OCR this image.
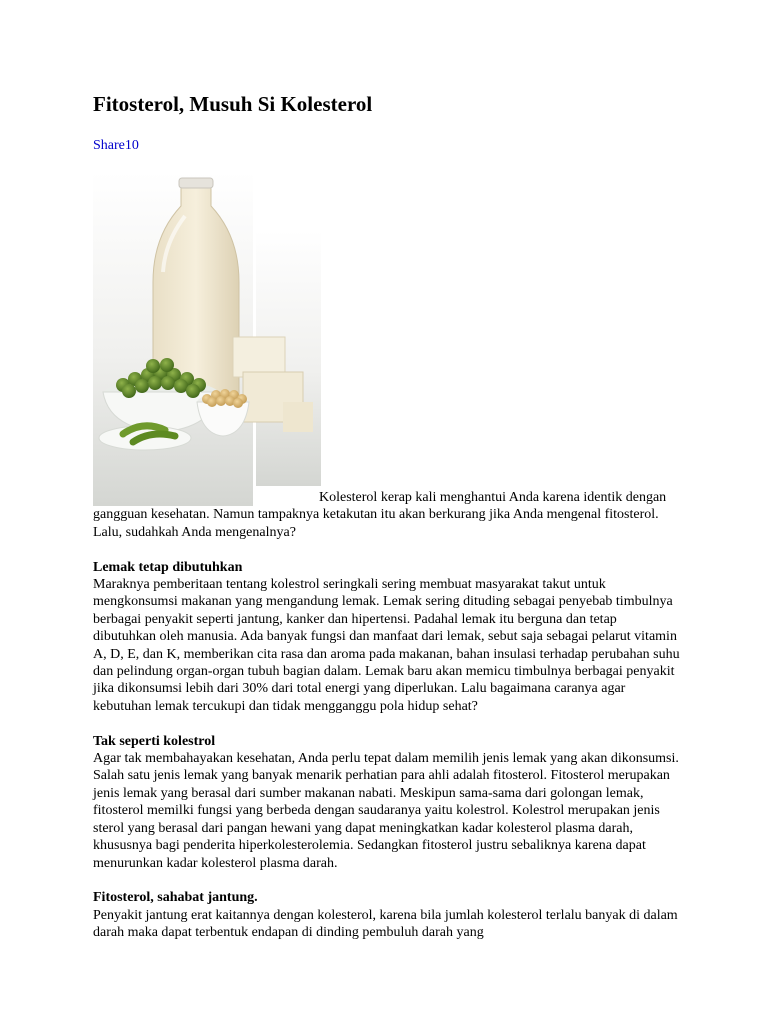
Fitosterol, Musuh Si Kolesterol
Share10

Kolesterol kerap kali menghantui Anda karena identik dengan gangguan kesehatan. Namun tampaknya ketakutan itu akan berkurang jika Anda mengenal fitosterol. Lalu, sudahkah Anda mengenalnya?

Lemak tetap dibutuhkan

Maraknya pemberitaan tentang kolestrol seringkali sering membuat masyarakat takut untuk mengkonsumsi makanan yang mengandung lemak. Lemak sering dituding sebagai penyebab timbulnya berbagai penyakit seperti jantung, kanker dan hipertensi. Padahal lemak itu berguna dan tetap dibutuhkan oleh manusia. Ada banyak fungsi dan manfaat dari lemak, sebut saja sebagai pelarut vitamin A, D, E, dan K, memberikan cita rasa dan aroma pada makanan, bahan insulasi terhadap perubahan suhu dan pelindung organ-organ tubuh bagian dalam. Lemak baru akan memicu timbulnya berbagai penyakit jika dikonsumsi lebih dari 30% dari total energi yang diperlukan. Lalu bagaimana caranya agar kebutuhan lemak tercukupi dan tidak mengganggu pola hidup sehat?

Tak seperti kolestrol

Agar tak membahayakan kesehatan, Anda perlu tepat dalam memilih jenis lemak yang akan dikonsumsi. Salah satu jenis lemak yang banyak menarik perhatian para ahli adalah fitosterol. Fitosterol merupakan jenis lemak yang berasal dari sumber makanan nabati. Meskipun sama-sama dari golongan lemak, fitosterol memilki fungsi yang berbeda dengan saudaranya yaitu kolestrol. Kolestrol merupakan jenis sterol yang berasal dari pangan hewani yang dapat meningkatkan kadar kolesterol plasma darah, khususnya bagi penderita hiperkolesterolemia. Sedangkan fitosterol justru sebaliknya karena dapat menurunkan kadar kolesterol plasma darah.

Fitosterol, sahabat jantung.

Penyakit jantung erat kaitannya dengan kolesterol, karena bila jumlah kolesterol terlalu banyak di dalam darah maka dapat terbentuk endapan di dinding pembuluh darah yang
